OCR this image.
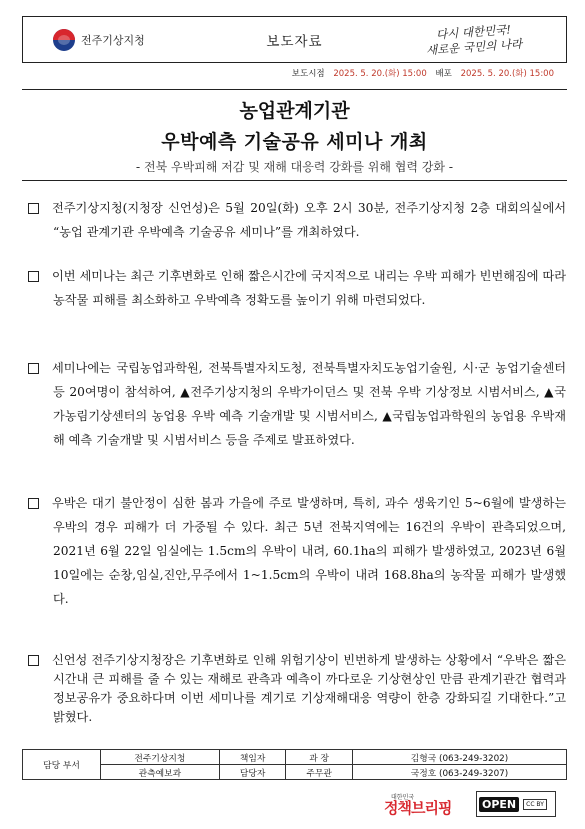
전주기상지청	보도자료	다시 대한민국!
새로운 국민의 나라
보도시점 2025. 5. 20.(화) 15:00 배포 2025. 5. 20.(화) 15:00
농업관계기관
우박예측 기술공유 세미나 개최
- 전북 우박피해 저감 및 재해 대응력 강화를 위해 협력 강화 -
전주기상지청(지청장 신언성)은 5월 20일(화) 오후 2시 30분, 전주기상지청 2층 대회의실에서 “농업 관계기관 우박예측 기술공유 세미나”를 개최하였다.
이번 세미나는 최근 기후변화로 인해 짧은시간에 국지적으로 내리는 우박 피해가 빈번해짐에 따라 농작물 피해를 최소화하고 우박예측 정확도를 높이기 위해 마련되었다.
세미나에는 국립농업과학원, 전북특별자치도청, 전북특별자치도농업기술원, 시·군 농업기술센터 등 20여명이 참석하여, ▲전주기상지청의 우박가이던스 및 전북 우박 기상정보 시범서비스, ▲국가농림기상센터의 농업용 우박 예측 기술개발 및 시범서비스, ▲국립농업과학원의 농업용 우박재해 예측 기술개발 및 시범서비스 등을 주제로 발표하였다.
우박은 대기 불안정이 심한 봄과 가을에 주로 발생하며, 특히, 과수 생육기인 5~6월에 발생하는 우박의 경우 피해가 더 가중될 수 있다. 최근 5년 전북지역에는 16건의 우박이 관측되었으며, 2021년 6월 22일 임실에는 1.5cm의 우박이 내려, 60.1ha의 피해가 발생하였고, 2023년 6월 10일에는 순창,임실,진안,무주에서 1~1.5cm의 우박이 내려 168.8ha의 농작물 피해가 발생했다.
신언성 전주기상지청장은 기후변화로 인해 위험기상이 빈번하게 발생하는 상황에서 “우박은 짧은 시간내 큰 피해를 줄 수 있는 재해로 관측과 예측이 까다로운 기상현상인 만큼 관계기관간 협력과 정보공유가 중요하다며 이번 세미나를 계기로 기상재해대응 역량이 한층 강화되길 기대한다.”고 밝혔다.
담당 부서	전주기상지청	책임자	과 장	김형국 (063-249-3202)
	관측예보과	담당자	주무관	국정호 (063-249-3207)
대한민국
정책브리핑	OPEN	CC BY
